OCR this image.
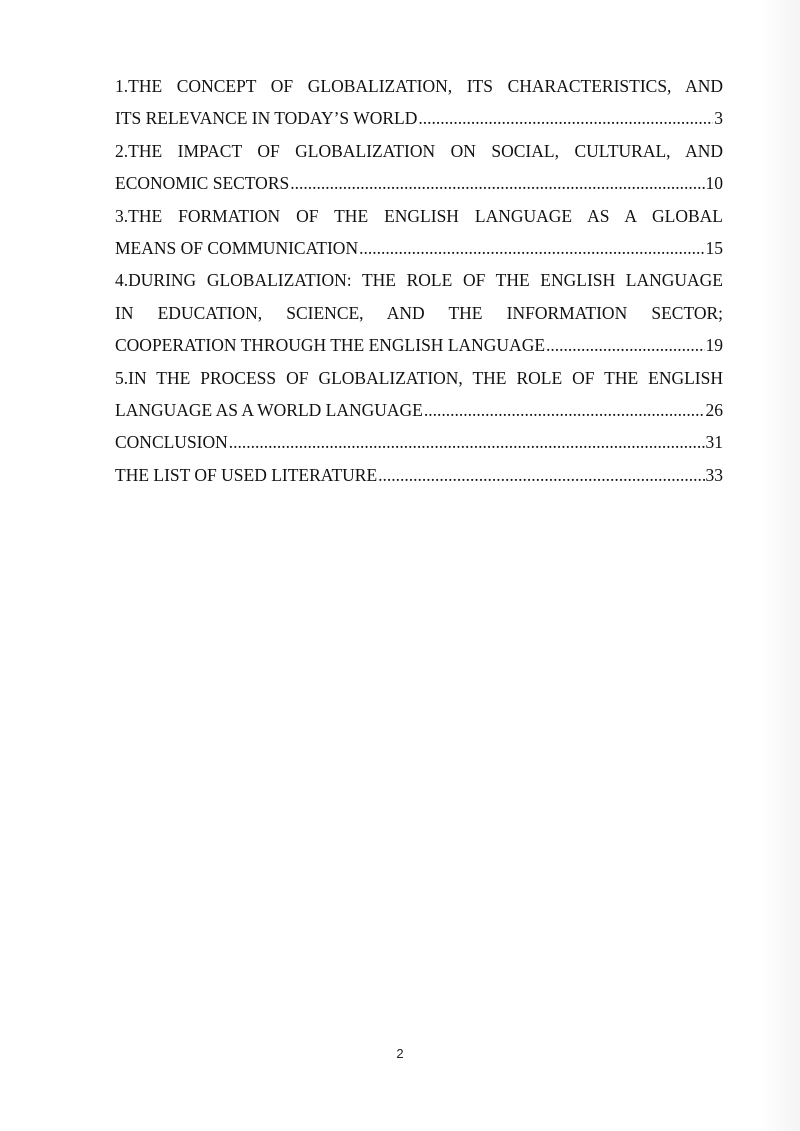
1.THE CONCEPT OF GLOBALIZATION, ITS CHARACTERISTICS, AND
ITS RELEVANCE IN TODAY’S WORLD .....	3
2.THE IMPACT OF GLOBALIZATION ON SOCIAL, CULTURAL, AND
ECONOMIC SECTORS .....	10
3.THE FORMATION OF THE ENGLISH LANGUAGE AS A GLOBAL
MEANS OF COMMUNICATION .....	15
4.DURING GLOBALIZATION: THE ROLE OF THE ENGLISH LANGUAGE
IN EDUCATION, SCIENCE, AND THE INFORMATION SECTOR;
COOPERATION THROUGH THE ENGLISH LANGUAGE .....	19
5.IN THE PROCESS OF GLOBALIZATION, THE ROLE OF THE ENGLISH
LANGUAGE AS A WORLD LANGUAGE .....	26
CONCLUSION .....	31
THE LIST OF USED LITERATURE .....	33
2
